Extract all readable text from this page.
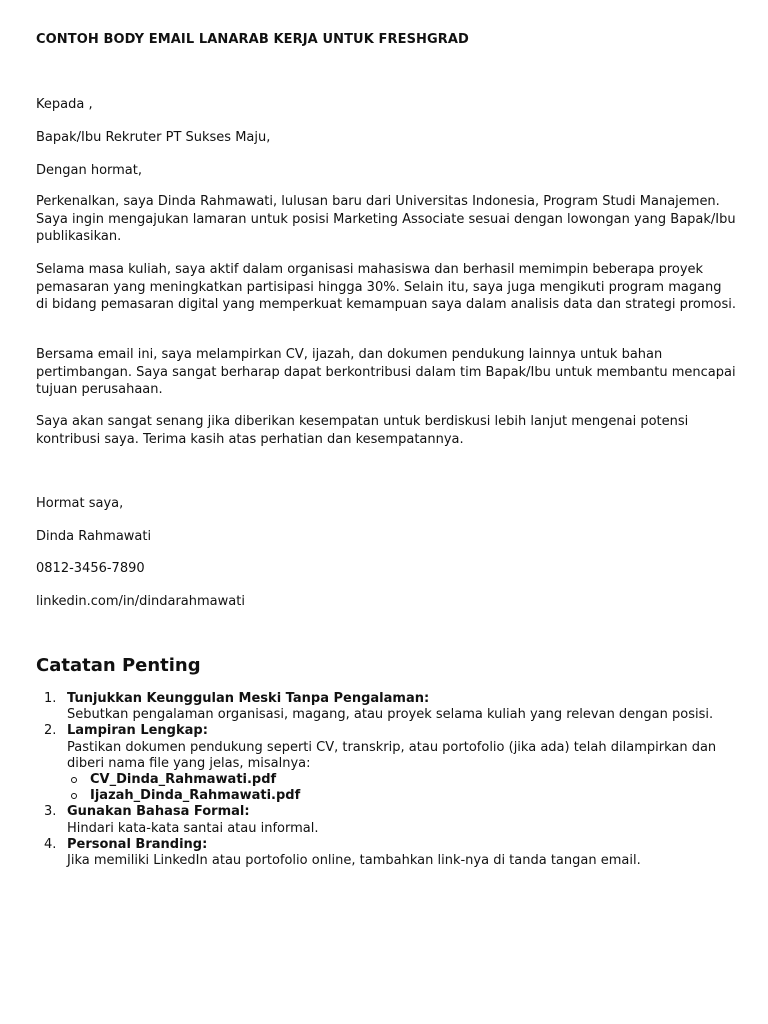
CONTOH BODY EMAIL LANARAB KERJA UNTUK FRESHGRAD
Kepada ,
Bapak/Ibu Rekruter PT Sukses Maju,
Dengan hormat,
Perkenalkan, saya Dinda Rahmawati, lulusan baru dari Universitas Indonesia, Program Studi Manajemen. Saya ingin mengajukan lamaran untuk posisi Marketing Associate sesuai dengan lowongan yang Bapak/Ibu publikasikan.
Selama masa kuliah, saya aktif dalam organisasi mahasiswa dan berhasil memimpin beberapa proyek pemasaran yang meningkatkan partisipasi hingga 30%. Selain itu, saya juga mengikuti program magang di bidang pemasaran digital yang memperkuat kemampuan saya dalam analisis data dan strategi promosi.
Bersama email ini, saya melampirkan CV, ijazah, dan dokumen pendukung lainnya untuk bahan pertimbangan. Saya sangat berharap dapat berkontribusi dalam tim Bapak/Ibu untuk membantu mencapai tujuan perusahaan.
Saya akan sangat senang jika diberikan kesempatan untuk berdiskusi lebih lanjut mengenai potensi kontribusi saya. Terima kasih atas perhatian dan kesempatannya.
Hormat saya,
Dinda Rahmawati
0812-3456-7890
linkedin.com/in/dindarahmawati
Catatan Penting
1. Tunjukkan Keunggulan Meski Tanpa Pengalaman:
Sebutkan pengalaman organisasi, magang, atau proyek selama kuliah yang relevan dengan posisi.
2. Lampiran Lengkap:
Pastikan dokumen pendukung seperti CV, transkrip, atau portofolio (jika ada) telah dilampirkan dan diberi nama file yang jelas, misalnya:
CV_Dinda_Rahmawati.pdf
Ijazah_Dinda_Rahmawati.pdf
3. Gunakan Bahasa Formal:
Hindari kata-kata santai atau informal.
4. Personal Branding:
Jika memiliki LinkedIn atau portofolio online, tambahkan link-nya di tanda tangan email.
